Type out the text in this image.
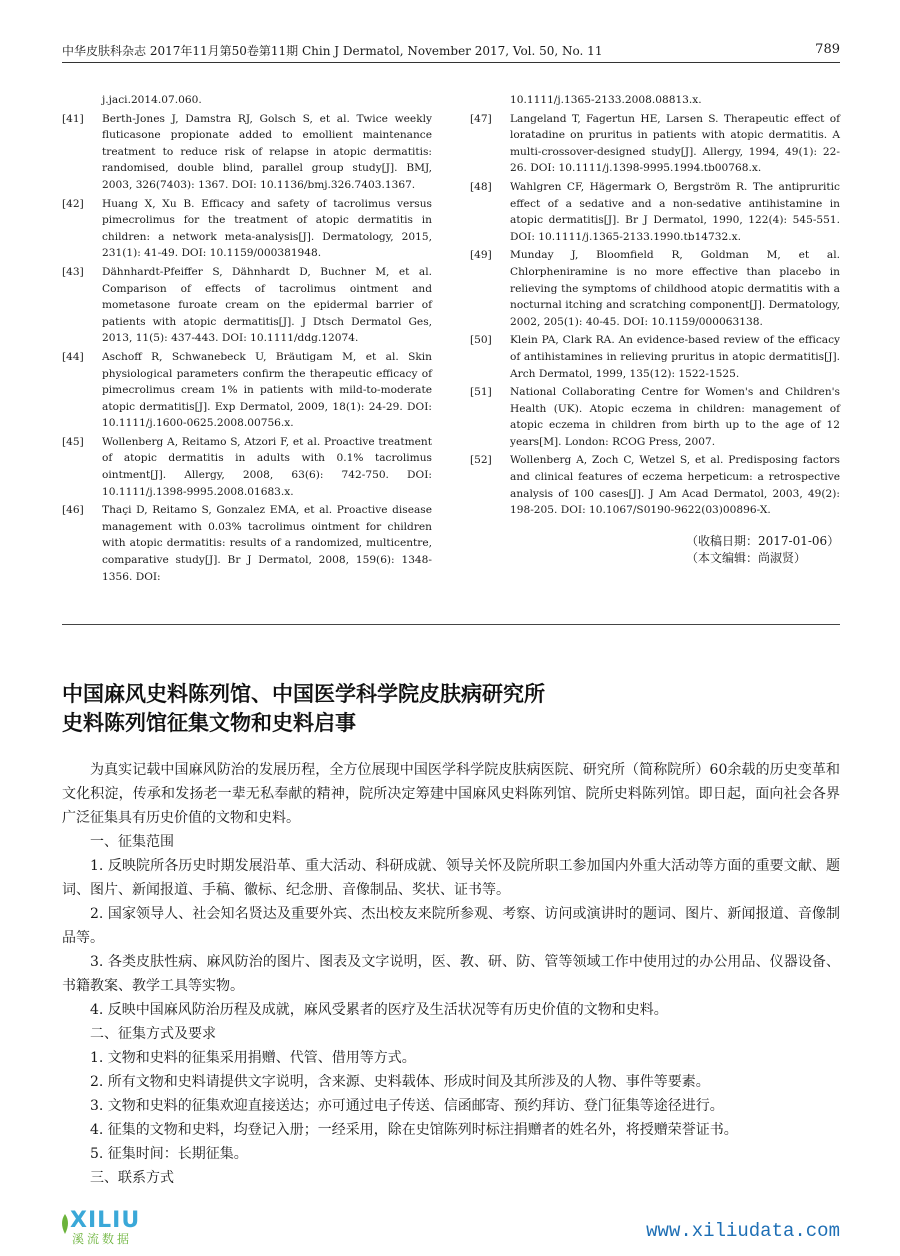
中华皮肤科杂志 2017年11月第50卷第11期 Chin J Dermatol, November 2017, Vol. 50, No. 11	789
j.jaci.2014.07.060.
[41] Berth-Jones J, Damstra RJ, Golsch S, et al. Twice weekly fluticasone propionate added to emollient maintenance treatment to reduce risk of relapse in atopic dermatitis: randomised, double blind, parallel group study[J]. BMJ, 2003, 326(7403): 1367. DOI: 10.1136/bmj.326.7403.1367.
[42] Huang X, Xu B. Efficacy and safety of tacrolimus versus pimecrolimus for the treatment of atopic dermatitis in children: a network meta-analysis[J]. Dermatology, 2015, 231(1): 41-49. DOI: 10.1159/000381948.
[43] Dähnhardt-Pfeiffer S, Dähnhardt D, Buchner M, et al. Comparison of effects of tacrolimus ointment and mometasone furoate cream on the epidermal barrier of patients with atopic dermatitis[J]. J Dtsch Dermatol Ges, 2013, 11(5): 437-443. DOI: 10.1111/ddg.12074.
[44] Aschoff R, Schwanebeck U, Bräutigam M, et al. Skin physiological parameters confirm the therapeutic efficacy of pimecrolimus cream 1% in patients with mild-to-moderate atopic dermatitis[J]. Exp Dermatol, 2009, 18(1): 24-29. DOI: 10.1111/j.1600-0625.2008.00756.x.
[45] Wollenberg A, Reitamo S, Atzori F, et al. Proactive treatment of atopic dermatitis in adults with 0.1% tacrolimus ointment[J]. Allergy, 2008, 63(6): 742-750. DOI: 10.1111/j.1398-9995.2008.01683.x.
[46] Thaçi D, Reitamo S, Gonzalez EMA, et al. Proactive disease management with 0.03% tacrolimus ointment for children with atopic dermatitis: results of a randomized, multicentre, comparative study[J]. Br J Dermatol, 2008, 159(6): 1348-1356. DOI:
10.1111/j.1365-2133.2008.08813.x.
[47] Langeland T, Fagertun HE, Larsen S. Therapeutic effect of loratadine on pruritus in patients with atopic dermatitis. A multi-crossover-designed study[J]. Allergy, 1994, 49(1): 22-26. DOI: 10.1111/j.1398-9995.1994.tb00768.x.
[48] Wahlgren CF, Hägermark O, Bergström R. The antipruritic effect of a sedative and a non-sedative antihistamine in atopic dermatitis[J]. Br J Dermatol, 1990, 122(4): 545-551. DOI: 10.1111/j.1365-2133.1990.tb14732.x.
[49] Munday J, Bloomfield R, Goldman M, et al. Chlorpheniramine is no more effective than placebo in relieving the symptoms of childhood atopic dermatitis with a nocturnal itching and scratching component[J]. Dermatology, 2002, 205(1): 40-45. DOI: 10.1159/000063138.
[50] Klein PA, Clark RA. An evidence-based review of the efficacy of antihistamines in relieving pruritus in atopic dermatitis[J]. Arch Dermatol, 1999, 135(12): 1522-1525.
[51] National Collaborating Centre for Women's and Children's Health (UK). Atopic eczema in children: management of atopic eczema in children from birth up to the age of 12 years[M]. London: RCOG Press, 2007.
[52] Wollenberg A, Zoch C, Wetzel S, et al. Predisposing factors and clinical features of eczema herpeticum: a retrospective analysis of 100 cases[J]. J Am Acad Dermatol, 2003, 49(2): 198-205. DOI: 10.1067/S0190-9622(03)00896-X.
（收稿日期：2017-01-06）
（本文编辑：尚淑贤）
中国麻风史料陈列馆、中国医学科学院皮肤病研究所
史料陈列馆征集文物和史料启事

为真实记载中国麻风防治的发展历程，全方位展现中国医学科学院皮肤病医院、研究所（简称院所）60余载的历史变革和文化积淀，传承和发扬老一辈无私奉献的精神，院所决定筹建中国麻风史料陈列馆、院所史料陈列馆。即日起，面向社会各界广泛征集具有历史价值的文物和史料。

一、征集范围

1. 反映院所各历史时期发展沿革、重大活动、科研成就、领导关怀及院所职工参加国内外重大活动等方面的重要文献、题词、图片、新闻报道、手稿、徽标、纪念册、音像制品、奖状、证书等。

2. 国家领导人、社会知名贤达及重要外宾、杰出校友来院所参观、考察、访问或演讲时的题词、图片、新闻报道、音像制品等。

3. 各类皮肤性病、麻风防治的图片、图表及文字说明，医、教、研、防、管等领域工作中使用过的办公用品、仪器设备、书籍教案、教学工具等实物。

4. 反映中国麻风防治历程及成就，麻风受累者的医疗及生活状况等有历史价值的文物和史料。

二、征集方式及要求

1. 文物和史料的征集采用捐赠、代管、借用等方式。

2. 所有文物和史料请提供文字说明，含来源、史料载体、形成时间及其所涉及的人物、事件等要素。

3. 文物和史料的征集欢迎直接送达；亦可通过电子传送、信函邮寄、预约拜访、登门征集等途径进行。

4. 征集的文物和史料，均登记入册；一经采用，除在史馆陈列时标注捐赠者的姓名外，将授赠荣誉证书。

5. 征集时间：长期征集。

三、联系方式

XILIU
溪流数据	www.xiliudata.com
